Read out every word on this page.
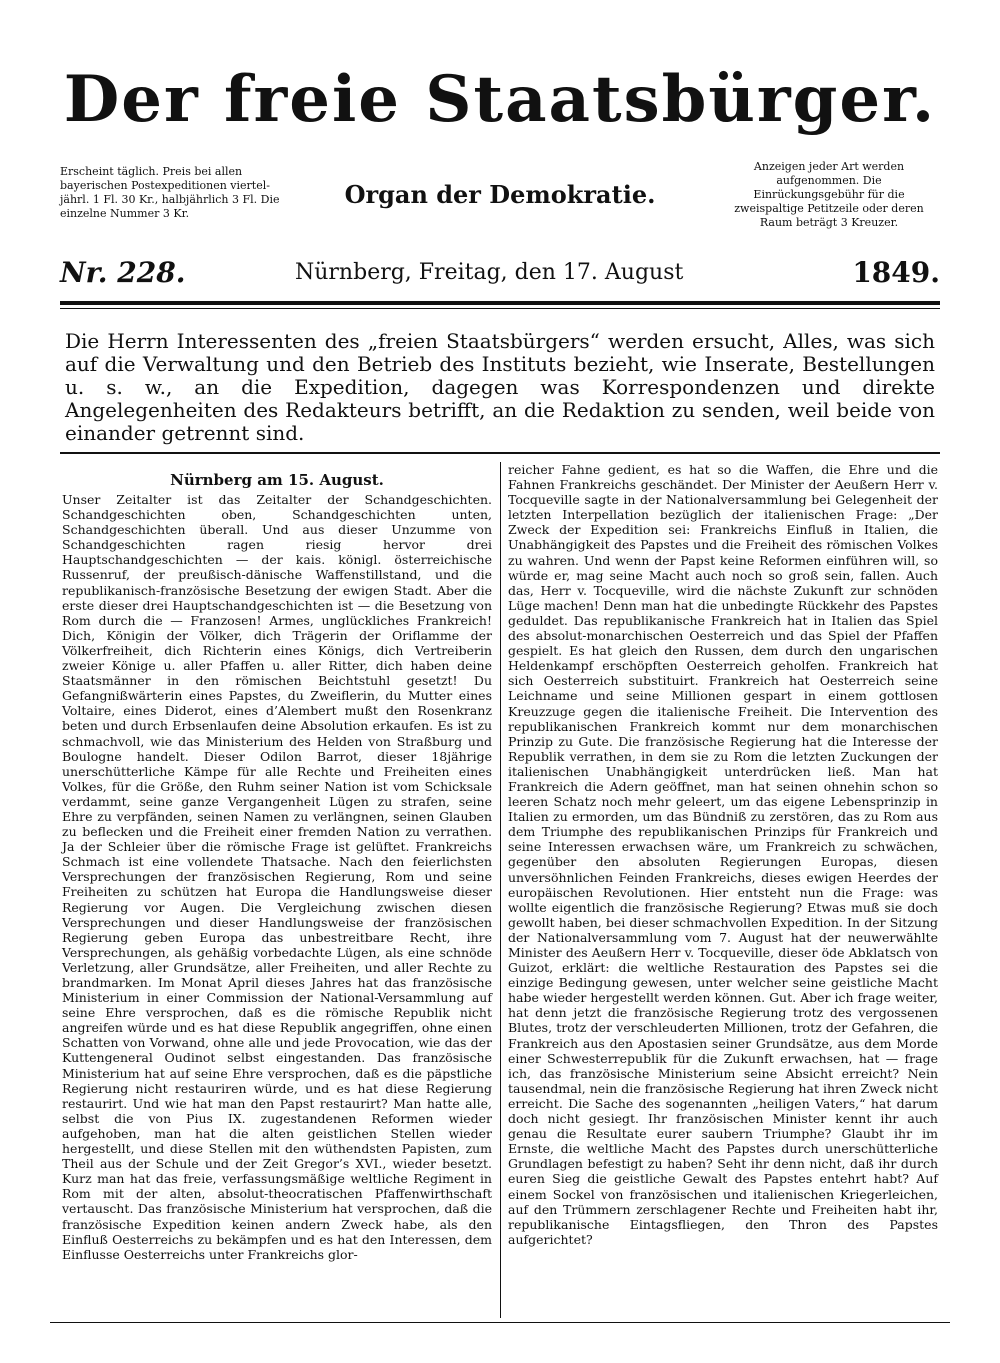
Der freie Staatsbürger.
Erscheint täglich. Preis bei allen bayerischen Postexpeditionen viertel-jährl. 1 Fl. 30 Kr., halbjährlich 3 Fl. Die einzelne Nummer 3 Kr.
Organ der Demokratie.
Anzeigen jeder Art werden aufgenommen. Die Einrückungsgebühr für die zweispaltige Petitzeile oder deren Raum beträgt 3 Kreuzer.
Nr. 228.	Nürnberg, Freitag, den 17. August	1849.

Die Herrn Interessenten des „freien Staatsbürgers“ werden ersucht, Alles, was sich auf die Verwaltung und den Betrieb des Instituts bezieht, wie Inserate, Bestellungen u. s. w., an die Expedition, dagegen was Korrespondenzen und direkte Angelegenheiten des Redakteurs betrifft, an die Redaktion zu senden, weil beide von einander getrennt sind.

Nürnberg am 15. August.

Unser Zeitalter ist das Zeitalter der Schandgeschichten. Schandgeschichten oben, Schandgeschichten unten, Schandgeschichten überall. Und aus dieser Unzumme von Schandgeschichten ragen riesig hervor drei Hauptschandgeschichten — der kais. königl. österreichische Russenruf, der preußisch-dänische Waffenstillstand, und die republikanisch-französische Besetzung der ewigen Stadt. Aber die erste dieser drei Hauptschandgeschichten ist — die Besetzung von Rom durch die — Franzosen! Armes, unglückliches Frankreich! Dich, Königin der Völker, dich Trägerin der Oriflamme der Völkerfreiheit, dich Richterin eines Königs, dich Vertreiberin zweier Könige u. aller Pfaffen u. aller Ritter, dich haben deine Staatsmänner in den römischen Beichtstuhl gesetzt! Du Gefangnißwärterin eines Papstes, du Zweiflerin, du Mutter eines Voltaire, eines Diderot, eines d’Alembert mußt den Rosenkranz beten und durch Erbsenlaufen deine Absolution erkaufen. Es ist zu schmachvoll, wie das Ministerium des Helden von Straßburg und Boulogne handelt. Dieser Odilon Barrot, dieser 18jährige unerschütterliche Kämpe für alle Rechte und Freiheiten eines Volkes, für die Größe, den Ruhm seiner Nation ist vom Schicksale verdammt, seine ganze Vergangenheit Lügen zu strafen, seine Ehre zu verpfänden, seinen Namen zu verlängnen, seinen Glauben zu beflecken und die Freiheit einer fremden Nation zu verrathen. Ja der Schleier über die römische Frage ist gelüftet. Frankreichs Schmach ist eine vollendete Thatsache. Nach den feierlichsten Versprechungen der französischen Regierung, Rom und seine Freiheiten zu schützen hat Europa die Handlungsweise dieser Regierung vor Augen. Die Vergleichung zwischen diesen Versprechungen und dieser Handlungsweise der französischen Regierung geben Europa das unbestreitbare Recht, ihre Versprechungen, als gehäßig vorbedachte Lügen, als eine schnöde Verletzung, aller Grundsätze, aller Freiheiten, und aller Rechte zu brandmarken. Im Monat April dieses Jahres hat das französische Ministerium in einer Commission der National-Versammlung auf seine Ehre versprochen, daß es die römische Republik nicht angreifen würde und es hat diese Republik angegriffen, ohne einen Schatten von Vorwand, ohne alle und jede Provocation, wie das der Kuttengeneral Oudinot selbst eingestanden. Das französische Ministerium hat auf seine Ehre versprochen, daß es die päpstliche Regierung nicht restauriren würde, und es hat diese Regierung restaurirt. Und wie hat man den Papst restaurirt? Man hatte alle, selbst die von Pius IX. zugestandenen Reformen wieder aufgehoben, man hat die alten geistlichen Stellen wieder hergestellt, und diese Stellen mit den wüthendsten Papisten, zum Theil aus der Schule und der Zeit Gregor’s XVI., wieder besetzt. Kurz man hat das freie, verfassungsmäßige weltliche Regiment in Rom mit der alten, absolut-theocratischen Pfaffenwirthschaft vertauscht. Das französische Ministerium hat versprochen, daß die französische Expedition keinen andern Zweck habe, als den Einfluß Oesterreichs zu bekämpfen und es hat den Interessen, dem Einflusse Oesterreichs unter Frankreichs glor-

reicher Fahne gedient, es hat so die Waffen, die Ehre und die Fahnen Frankreichs geschändet. Der Minister der Aeußern Herr v. Tocqueville sagte in der Nationalversammlung bei Gelegenheit der letzten Interpellation bezüglich der italienischen Frage: „Der Zweck der Expedition sei: Frankreichs Einfluß in Italien, die Unabhängigkeit des Papstes und die Freiheit des römischen Volkes zu wahren. Und wenn der Papst keine Reformen einführen will, so würde er, mag seine Macht auch noch so groß sein, fallen. Auch das, Herr v. Tocqueville, wird die nächste Zukunft zur schnöden Lüge machen! Denn man hat die unbedingte Rückkehr des Papstes geduldet. Das republikanische Frankreich hat in Italien das Spiel des absolut-monarchischen Oesterreich und das Spiel der Pfaffen gespielt. Es hat gleich den Russen, dem durch den ungarischen Heldenkampf erschöpften Oesterreich geholfen. Frankreich hat sich Oesterreich substituirt. Frankreich hat Oesterreich seine Leichname und seine Millionen gespart in einem gottlosen Kreuzzuge gegen die italienische Freiheit. Die Intervention des republikanischen Frankreich kommt nur dem monarchischen Prinzip zu Gute. Die französische Regierung hat die Interesse der Republik verrathen, in dem sie zu Rom die letzten Zuckungen der italienischen Unabhängigkeit unterdrücken ließ. Man hat Frankreich die Adern geöffnet, man hat seinen ohnehin schon so leeren Schatz noch mehr geleert, um das eigene Lebensprinzip in Italien zu ermorden, um das Bündniß zu zerstören, das zu Rom aus dem Triumphe des republikanischen Prinzips für Frankreich und seine Interessen erwachsen wäre, um Frankreich zu schwächen, gegenüber den absoluten Regierungen Europas, diesen unversöhnlichen Feinden Frankreichs, dieses ewigen Heerdes der europäischen Revolutionen. Hier entsteht nun die Frage: was wollte eigentlich die französische Regierung? Etwas muß sie doch gewollt haben, bei dieser schmachvollen Expedition. In der Sitzung der Nationalversammlung vom 7. August hat der neuwerwählte Minister des Aeußern Herr v. Tocqueville, dieser öde Abklatsch von Guizot, erklärt: die weltliche Restauration des Papstes sei die einzige Bedingung gewesen, unter welcher seine geistliche Macht habe wieder hergestellt werden können. Gut. Aber ich frage weiter, hat denn jetzt die französische Regierung trotz des vergossenen Blutes, trotz der verschleuderten Millionen, trotz der Gefahren, die Frankreich aus den Apostasien seiner Grundsätze, aus dem Morde einer Schwesterrepublik für die Zukunft erwachsen, hat — frage ich, das französische Ministerium seine Absicht erreicht? Nein tausendmal, nein die französische Regierung hat ihren Zweck nicht erreicht. Die Sache des sogenannten „heiligen Vaters,“ hat darum doch nicht gesiegt. Ihr französischen Minister kennt ihr auch genau die Resultate eurer saubern Triumphe? Glaubt ihr im Ernste, die weltliche Macht des Papstes durch unerschütterliche Grundlagen befestigt zu haben? Seht ihr denn nicht, daß ihr durch euren Sieg die geistliche Gewalt des Papstes entehrt habt? Auf einem Sockel von französischen und italienischen Kriegerleichen, auf den Trümmern zerschlagener Rechte und Freiheiten habt ihr, republikanische Eintagsfliegen, den Thron des Papstes aufgerichtet?
